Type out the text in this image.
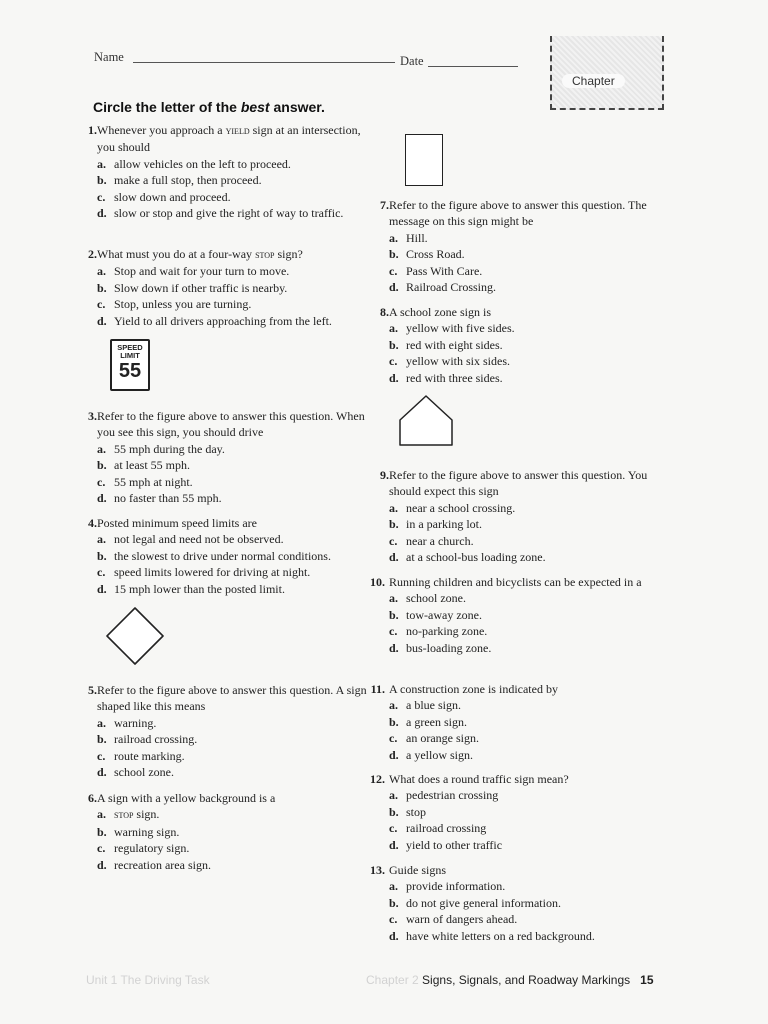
Name	Date
Chapter
Circle the letter of the best answer.
1. Whenever you approach a yield sign at an intersection, you should
a. allow vehicles on the left to proceed.
b. make a full stop, then proceed.
c. slow down and proceed.
d. slow or stop and give the right of way to traffic.
2. What must you do at a four-way stop sign?
a. Stop and wait for your turn to move.
b. Slow down if other traffic is nearby.
c. Stop, unless you are turning.
d. Yield to all drivers approaching from the left.
SPEED
LIMIT
55
3. Refer to the figure above to answer this question. When you see this sign, you should drive
a. 55 mph during the day.
b. at least 55 mph.
c. 55 mph at night.
d. no faster than 55 mph.
4. Posted minimum speed limits are
a. not legal and need not be observed.
b. the slowest to drive under normal conditions.
c. speed limits lowered for driving at night.
d. 15 mph lower than the posted limit.
5. Refer to the figure above to answer this question. A sign shaped like this means
a. warning.
b. railroad crossing.
c. route marking.
d. school zone.
6. A sign with a yellow background is a
a. stop sign.
b. warning sign.
c. regulatory sign.
d. recreation area sign.
7. Refer to the figure above to answer this question. The message on this sign might be
a. Hill.
b. Cross Road.
c. Pass With Care.
d. Railroad Crossing.
8. A school zone sign is
a. yellow with five sides.
b. red with eight sides.
c. yellow with six sides.
d. red with three sides.
9. Refer to the figure above to answer this question. You should expect this sign
a. near a school crossing.
b. in a parking lot.
c. near a church.
d. at a school-bus loading zone.
10. Running children and bicyclists can be expected in a
a. school zone.
b. tow-away zone.
c. no-parking zone.
d. bus-loading zone.
11. A construction zone is indicated by
a. a blue sign.
b. a green sign.
c. an orange sign.
d. a yellow sign.
12. What does a round traffic sign mean?
a. pedestrian crossing
b. stop
c. railroad crossing
d. yield to other traffic
13. Guide signs
a. provide information.
b. do not give general information.
c. warn of dangers ahead.
d. have white letters on a red background.
Unit 1 The Driving Task	Chapter 2 Signs, Signals, and Roadway Markings 15
